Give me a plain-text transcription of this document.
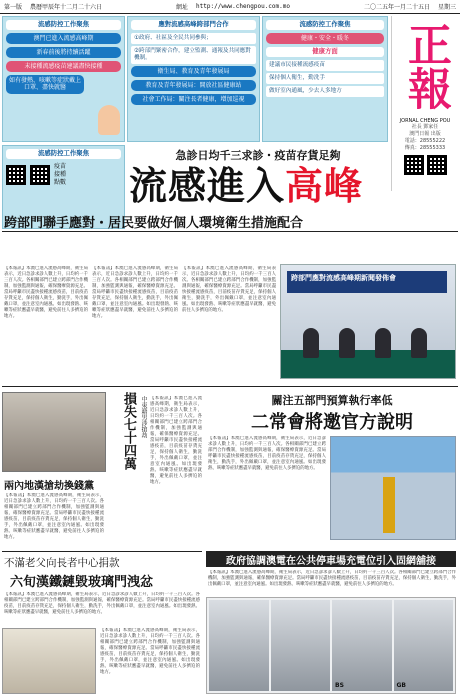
第一版 農曆甲辰年十二月二十六日	網址 http://www.chengpou.com.mo	二〇二五年一月二十五日 星期三
流感防控工作聚焦
澳門已進入流感高峰期
新春前後將持續活躍
未接種流感疫苗建議盡快接種
如有發熱、咳嗽等症狀戴上口罩、盡快就醫
應對流感高峰跨部門合作
①政府、社區及全民共同參與；
②跨部門緊密合作，建立監測、通報及共同應對機制。
衛生局、教育及青年發展局
教育及青年發展局：開放社區健康站
社會工作局：關注長者健康，增加巡視
流感防控工作聚焦
健康・安全・暖冬
健康方面
建議市民接種流感疫苗
保持個人衛生，勤洗手
做好室內通風，少去人多地方
流感防控工作聚焦
疫苗
接種
點數
正報
JORNAL CHENG POU
社長 鄧家任
澳門日報 出版
電話：28555222
傳真：28555333
急診日均千三求診・疫苗存貨足夠
流感進入高峰
跨部門聯手應對・居民要做好個人環境衛生措施配合
【本報訊】本澳已進入流感高峰期，衛生局表示，近日急診求診人數上升，日均約一千三百人次。各相關部門已建立跨部門合作機制，加強監測與通報，確保醫療資源充足。當局呼籲市民盡快接種流感疫苗，目前疫苗存貨充足，保持個人衛生，勤洗手，外出佩戴口罩，並注意室內通風。如出現發熱、咳嗽等症狀應盡早就醫，避免前往人多擠迫的地方。
【本報訊】本澳已進入流感高峰期，衛生局表示，近日急診求診人數上升，日均約一千三百人次。各相關部門已建立跨部門合作機制，加強監測與通報，確保醫療資源充足。當局呼籲市民盡快接種流感疫苗，目前疫苗存貨充足，保持個人衛生，勤洗手，外出佩戴口罩，並注意室內通風。如出現發熱、咳嗽等症狀應盡早就醫，避免前往人多擠迫的地方。
【本報訊】本澳已進入流感高峰期，衛生局表示，近日急診求診人數上升，日均約一千三百人次。各相關部門已建立跨部門合作機制，加強監測與通報，確保醫療資源充足。當局呼籲市民盡快接種流感疫苗，目前疫苗存貨充足，保持個人衛生，勤洗手，外出佩戴口罩，並注意室內通風。如出現發熱、咳嗽等症狀應盡早就醫，避免前往人多擠迫的地方。
跨部門應對流感高峰期新聞發佈會
損失七十四萬 中東籍男涉搶劫
兩內地漢搶劫換錢黨
【本報訊】本澳已進入流感高峰期，衛生局表示，近日急診求診人數上升，日均約一千三百人次。各相關部門已建立跨部門合作機制，加強監測與通報，確保醫療資源充足。當局呼籲市民盡快接種流感疫苗，目前疫苗存貨充足，保持個人衛生，勤洗手，外出佩戴口罩，並注意室內通風。如出現發熱、咳嗽等症狀應盡早就醫，避免前往人多擠迫的地方。
【本報訊】本澳已進入流感高峰期，衛生局表示，近日急診求診人數上升，日均約一千三百人次。各相關部門已建立跨部門合作機制，加強監測與通報，確保醫療資源充足。當局呼籲市民盡快接種流感疫苗，目前疫苗存貨充足，保持個人衛生，勤洗手，外出佩戴口罩，並注意室內通風。如出現發熱、咳嗽等症狀應盡早就醫，避免前往人多擠迫的地方。
不滿老父向長者中心捐款
六旬漢鐵鏈毀玻璃門洩忿
【本報訊】本澳已進入流感高峰期，衛生局表示，近日急診求診人數上升，日均約一千三百人次。各相關部門已建立跨部門合作機制，加強監測與通報，確保醫療資源充足。當局呼籲市民盡快接種流感疫苗，目前疫苗存貨充足，保持個人衛生，勤洗手，外出佩戴口罩，並注意室內通風。如出現發熱、咳嗽等症狀應盡早就醫，避免前往人多擠迫的地方。
【本報訊】本澳已進入流感高峰期，衛生局表示，近日急診求診人數上升，日均約一千三百人次。各相關部門已建立跨部門合作機制，加強監測與通報，確保醫療資源充足。當局呼籲市民盡快接種流感疫苗，目前疫苗存貨充足，保持個人衛生，勤洗手，外出佩戴口罩，並注意室內通風。如出現發熱、咳嗽等症狀應盡早就醫，避免前往人多擠迫的地方。
關注五部門預算執行率低
二常會將邀官方說明
【本報訊】本澳已進入流感高峰期，衛生局表示，近日急診求診人數上升，日均約一千三百人次。各相關部門已建立跨部門合作機制，加強監測與通報，確保醫療資源充足。當局呼籲市民盡快接種流感疫苗，目前疫苗存貨充足，保持個人衛生，勤洗手，外出佩戴口罩，並注意室內通風。如出現發熱、咳嗽等症狀應盡早就醫，避免前往人多擠迫的地方。
政府協調澳電在公共停車場充電位引入固網舖接
【本報訊】本澳已進入流感高峰期，衛生局表示，近日急診求診人數上升，日均約一千三百人次。各相關部門已建立跨部門合作機制，加強監測與通報，確保醫療資源充足。當局呼籲市民盡快接種流感疫苗，目前疫苗存貨充足，保持個人衛生，勤洗手，外出佩戴口罩，並注意室內通風。如出現發熱、咳嗽等症狀應盡早就醫，避免前往人多擠迫的地方。
BS	GB
